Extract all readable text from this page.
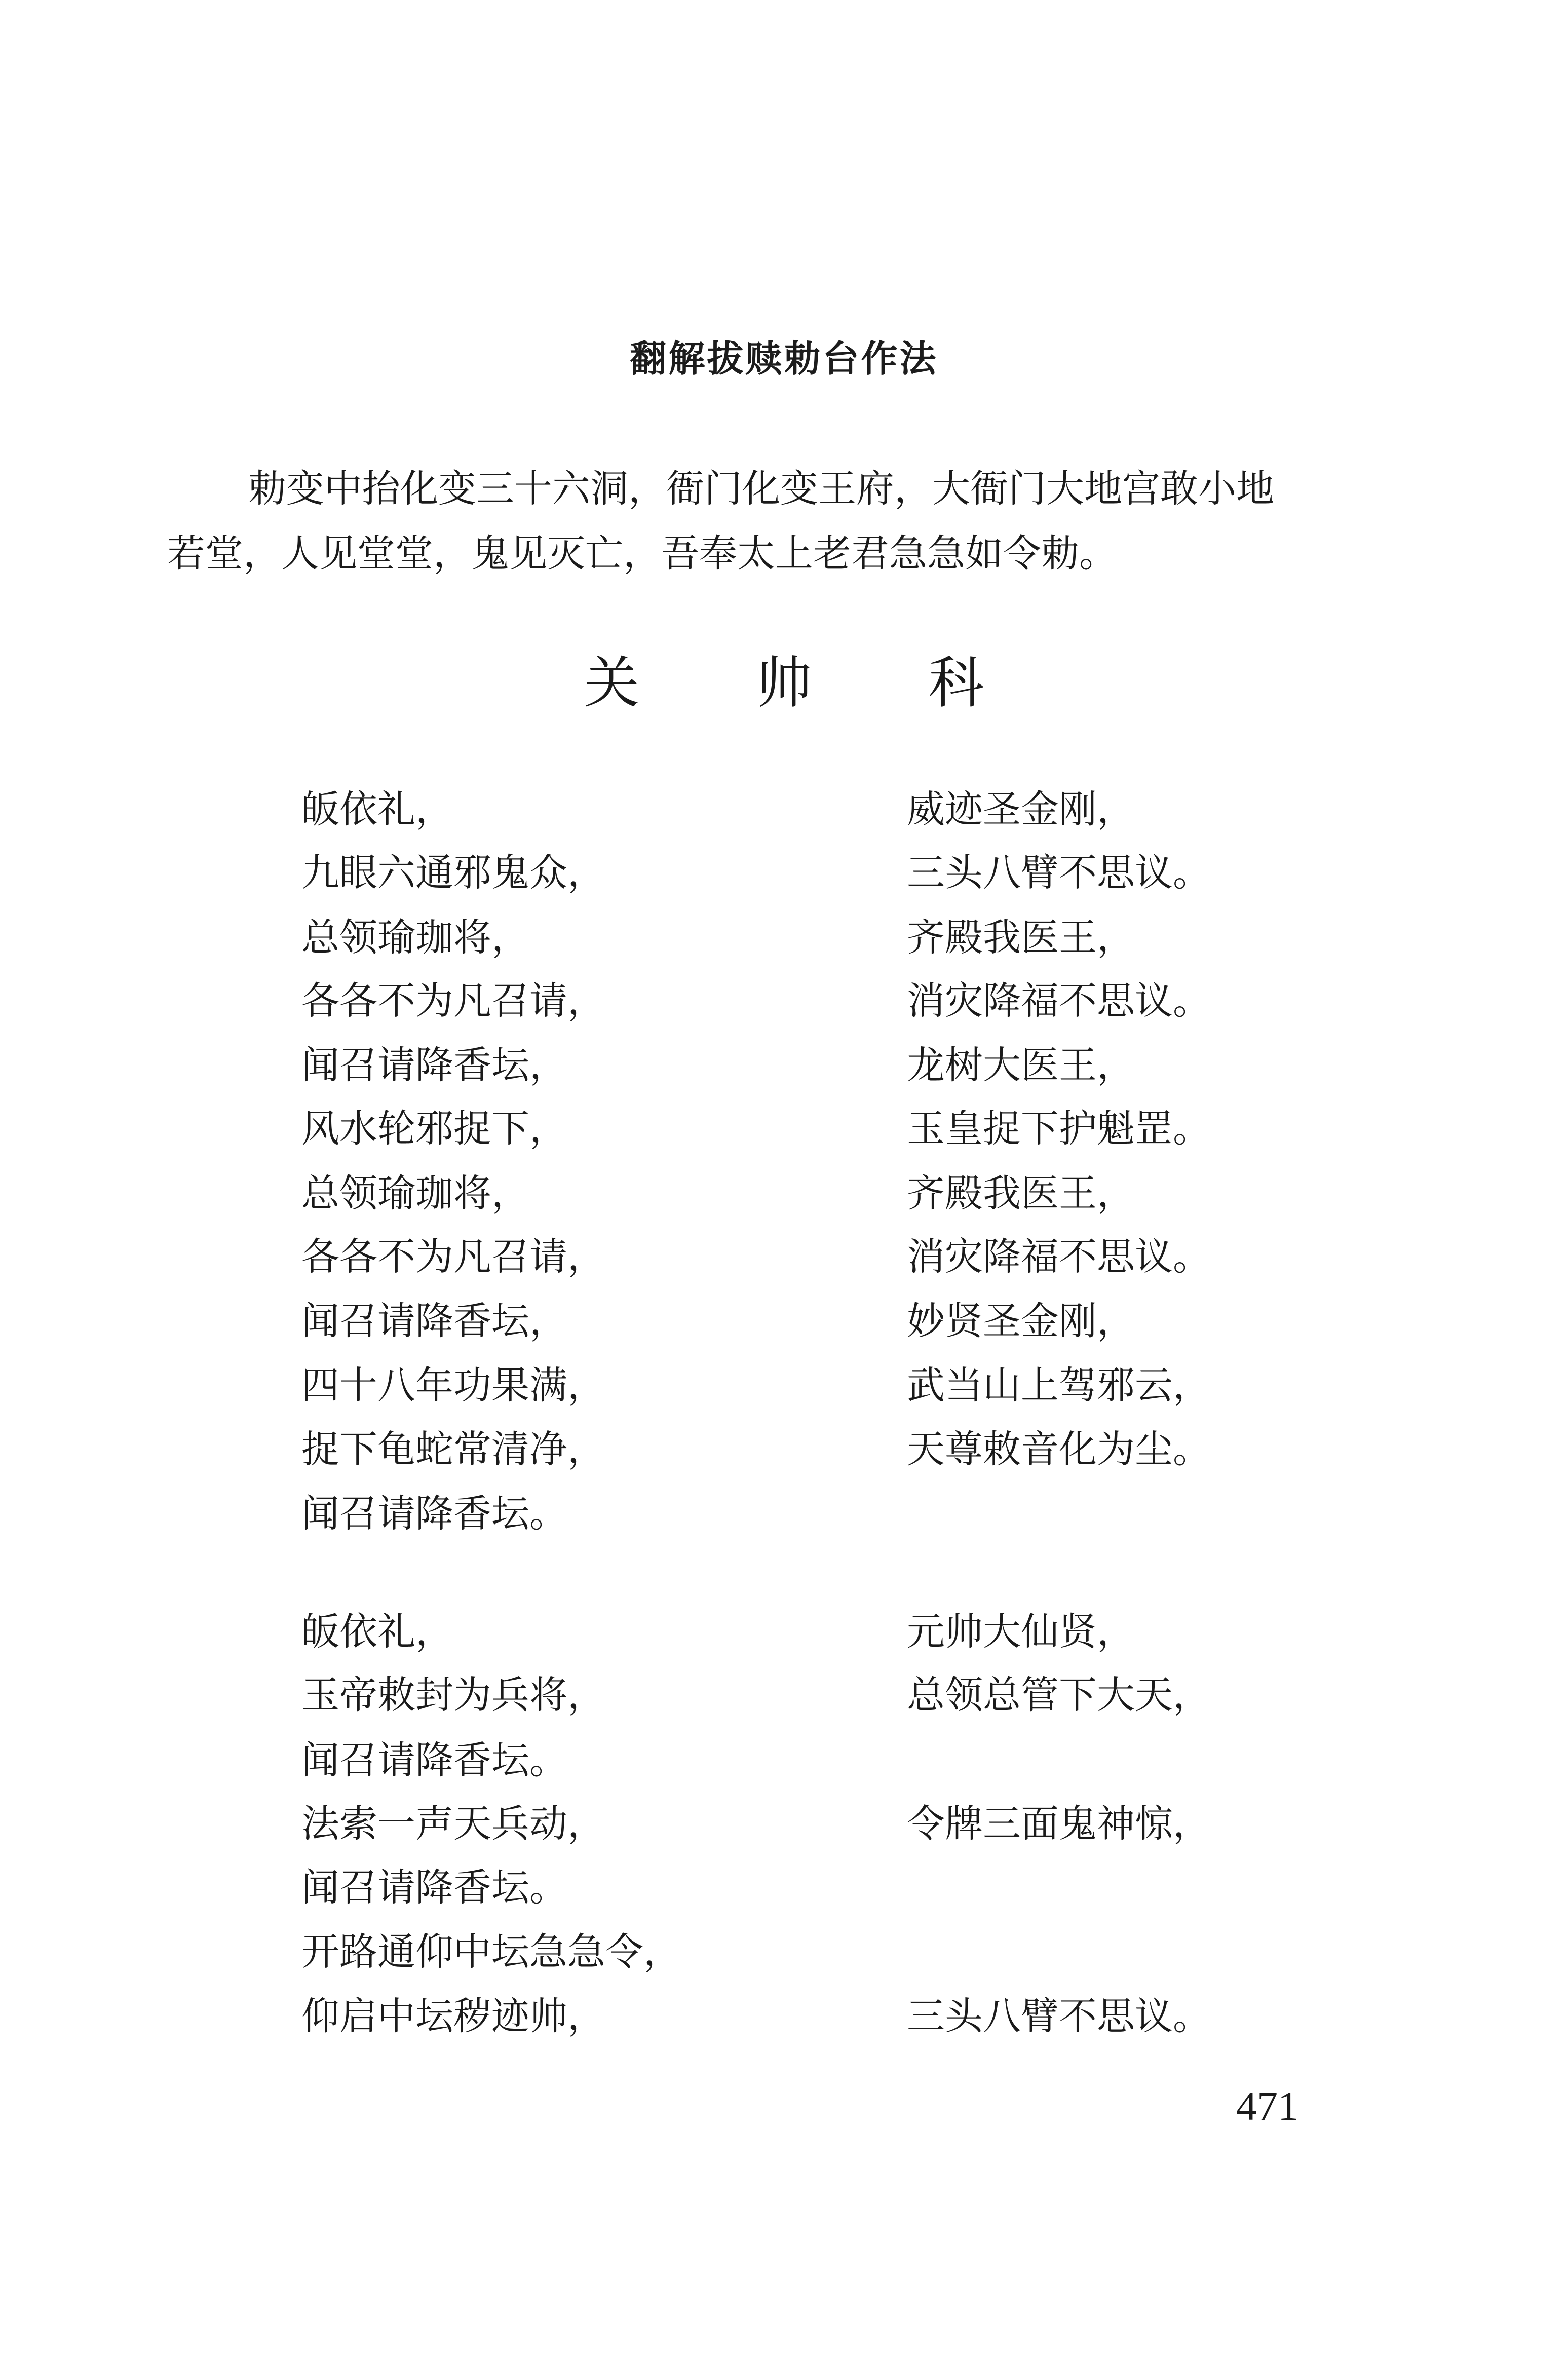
翻解拔赎勅台作法
勅变中抬化变三十六洞，衙门化变王府，大衙门大地宫敢小地
若堂，人见堂堂，鬼见灭亡，吾奉太上老君急急如令勅。
关 帅 科
皈依礼，
九眼六通邪鬼众，
总领瑜珈将，
各各不为凡召请，
闻召请降香坛，
风水轮邪捉下，
总领瑜珈将，
各各不为凡召请，
闻召请降香坛，
四十八年功果满，
捉下龟蛇常清净，
闻召请降香坛。
威迹圣金刚，
三头八臂不思议。
齐殿我医王，
消灾降福不思议。
龙树大医王，
玉皇捉下护魁罡。
齐殿我医王，
消灾降福不思议。
妙贤圣金刚，
武当山上驾邪云，
天尊敕音化为尘。
皈依礼，
玉帝敕封为兵将，
闻召请降香坛。
法索一声天兵动，
闻召请降香坛。
开路通仰中坛急急令，
仰启中坛秽迹帅，
元帅大仙贤，
总领总管下大天，
令牌三面鬼神惊，
三头八臂不思议。
471
